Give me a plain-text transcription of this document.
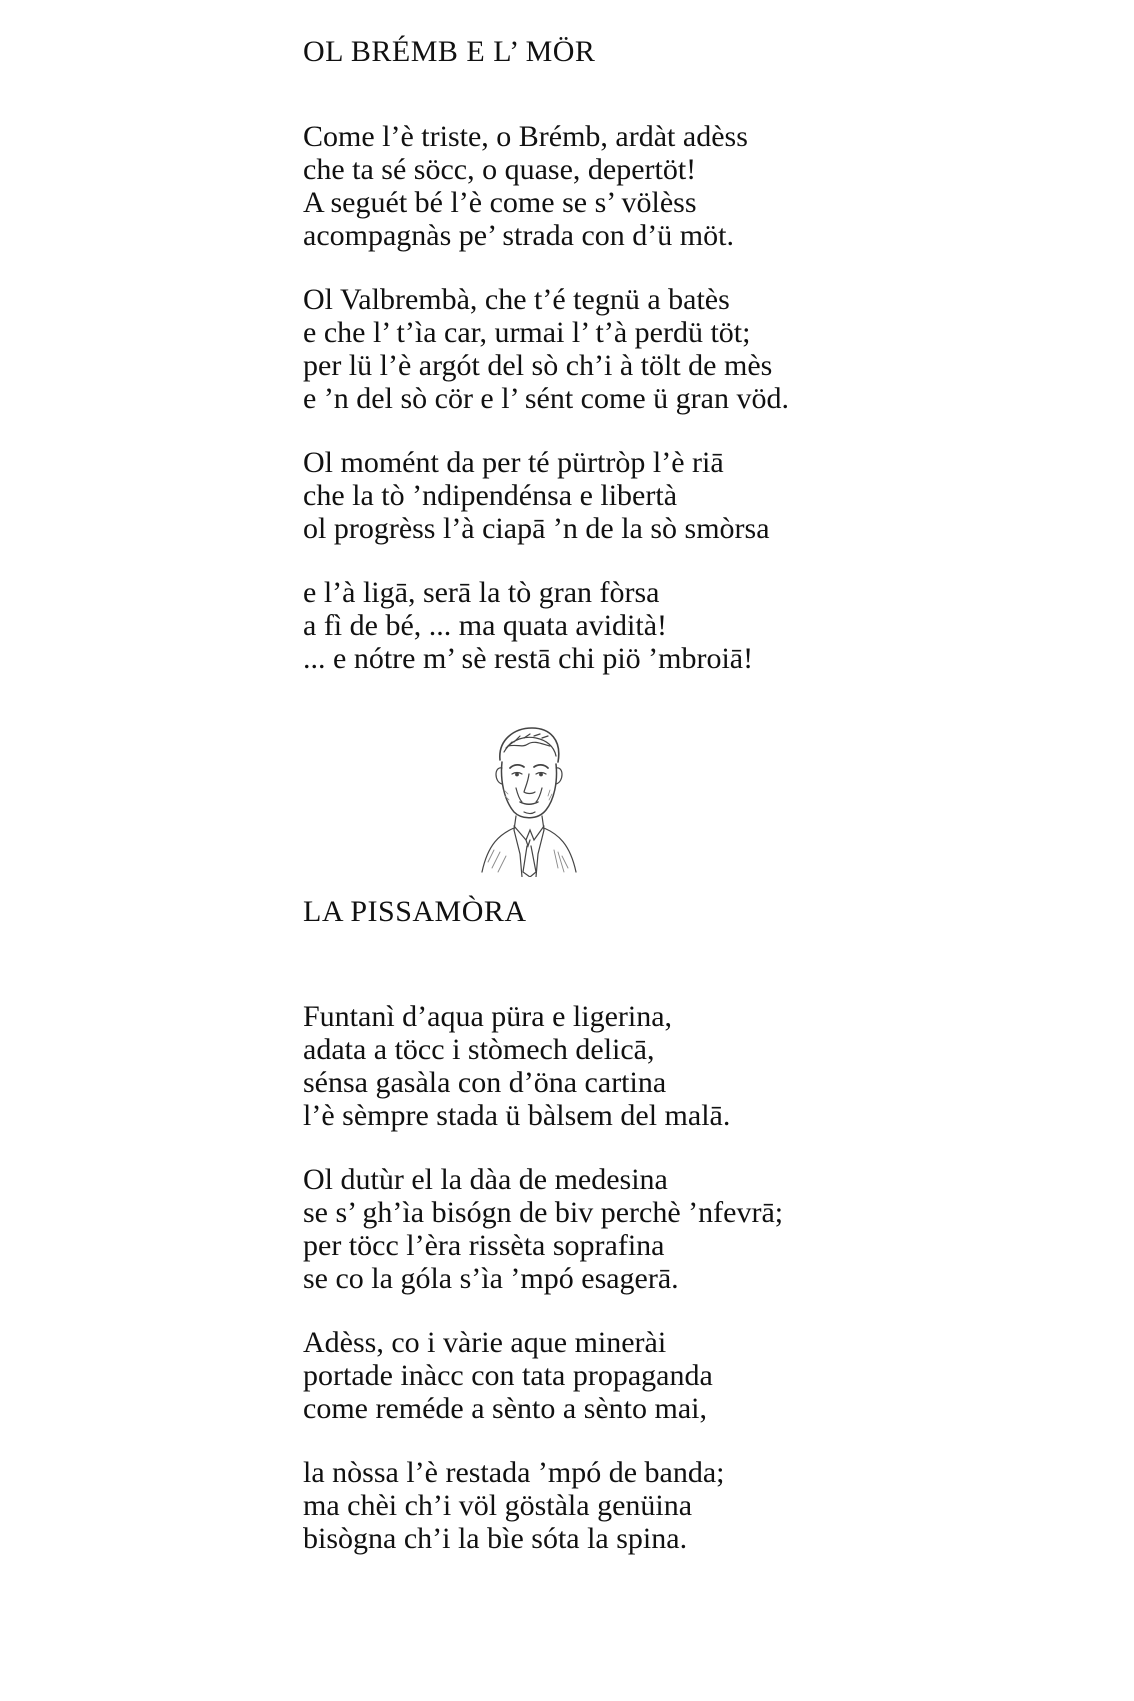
OL BRÉMB E L’ MÖR
Come l’è triste, o Brémb, ardàt adèss
che ta sé söcc, o quase, depertöt!
A seguét bé l’è come se s’ völèss
acompagnàs pe’ strada con d’ü möt.
Ol Valbrembà, che t’é tegnü a batès
e che l’ t’ìa car, urmai l’ t’à perdü töt;
per lü l’è argót del sò ch’i à tölt de mès
e ’n del sò cör e l’ sént come ü gran vöd.
Ol momént da per té pürtròp l’è riā
che la tò ’ndipendénsa e libertà
ol progrèss l’à ciapā ’n de la sò smòrsa
e l’à ligā, serā la tò gran fòrsa
a fì de bé, ... ma quata avidità!
... e nótre m’ sè restā chi piö ’mbroiā!
LA PISSAMÒRA
Funtanì d’aqua püra e ligerina,
adata a töcc i stòmech delicā,
sénsa gasàla con d’öna cartina
l’è sèmpre stada ü bàlsem del malā.
Ol dutùr el la dàa de medesina
se s’ gh’ìa bisógn de biv perchè ’nfevrā;
per töcc l’èra rissèta soprafina
se co la góla s’ìa ’mpó esagerā.
Adèss, co i vàrie aque minerài
portade inàcc con tata propaganda
come reméde a sènto a sènto mai,
la nòssa l’è restada ’mpó de banda;
ma chèi ch’i völ göstàla genüina
bisògna ch’i la bìe sóta la spina.
